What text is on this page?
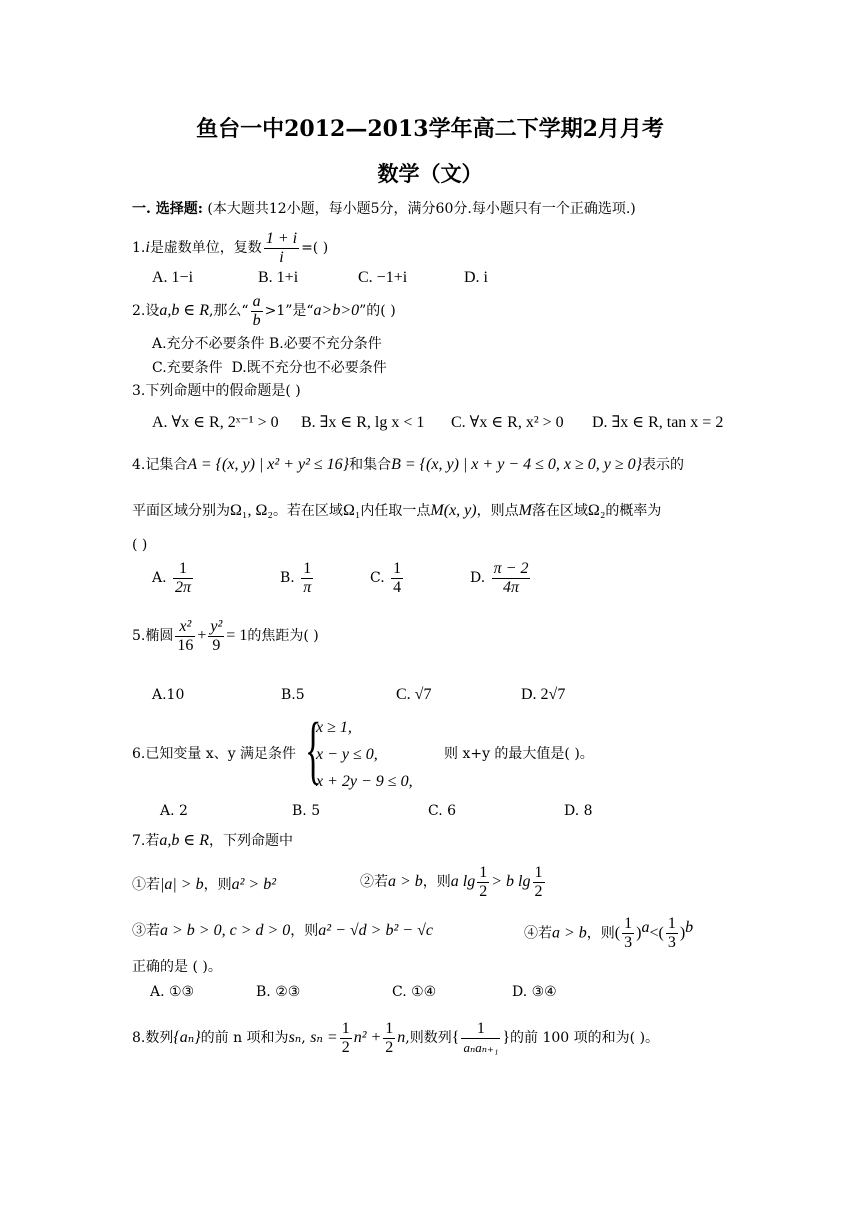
鱼台一中2012—2013学年高二下学期2月月考
数学（文）
一. 选择题: (本大题共12小题，每小题5分，满分60分.每小题只有一个正确选项.)
1.i是虚数单位，复数 $\frac{1 + i}{i}$ =( )
A. 1−i	B. 1+i	C. −1+i	D. i
2.设a,b ∈ R,那么“ $\frac{a}{b} >1$”是“a>b>0”的( )
A.充分不必要条件 B.必要不充分条件
C.充要条件 D.既不充分也不必要条件
3.下列命题中的假命题是( )
A. ∀x ∈ R, 2ˣ⁻¹ > 0 B. ∃x ∈ R, lg x < 1 C. ∀x ∈ R, x² > 0 D. ∃x ∈ R, tan x = 2
4.记集合A = {(x, y) | x² + y² ≤ 16}和集合B = {(x, y) | x + y − 4 ≤ 0, x ≥ 0, y ≥ 0}表示的
平面区域分别为Ω₁, Ω₂。若在区域Ω₁内任取一点M(x, y)，则点M落在区域Ω₂的概率为
( )
A. $\frac{1}{2\pi}$	B. $\frac{1}{\pi}$	C. $\frac{1}{4}$	D. $\frac{\pi - 2}{4\pi}$
5.椭圆 $\frac{\text{x²}}{16} + \frac{\text{y²}}{9} = 1$的焦距为( )
A.10	B.5	C. √7	D. 2√7
6.已知变量 x、y 满足条件 {
x ≥ 1,
x − y ≤ 0,
x + 2y − 9 ≤ 0,
则 x+y 的最大值是( )。
A. 2	B. 5	C. 6	D. 8
7.若a,b ∈ R，下列命题中
①若|a| > b，则a² > b²	②若a > b，则a $\lg \frac{1}{2} > b$ $\lg \frac{1}{2}$
③若a > b > 0, c > d > 0，则a² − √d > b² − √c	④若a > b，则( $\frac{1}{3} )^a<( \frac{1}{3} )^b$
正确的是 ( )。
A. ①③	B. ②③	C. ①④	D. ③④
8.数列{aₙ}的前 n 项和为sₙ, $s_n = \frac{1}{2} n^2 + \frac{1}{2} n$,则数列{ $\frac{1}{\text{aₙaₙ₊₁}}$ }的前 100 项的和为( )。
